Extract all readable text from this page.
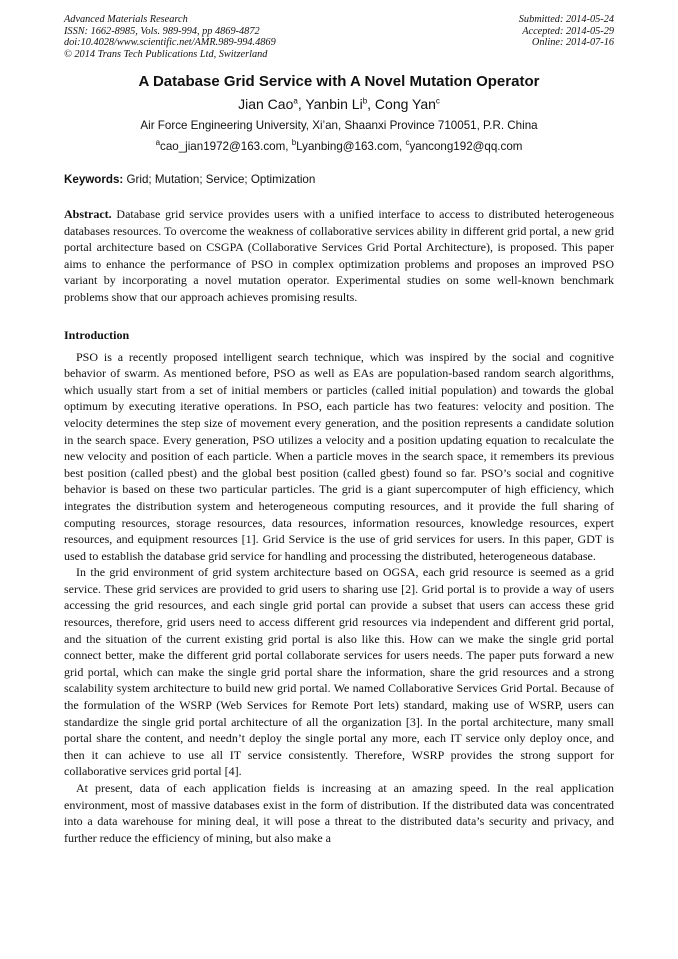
Advanced Materials Research
ISSN: 1662-8985, Vols. 989-994, pp 4869-4872
doi:10.4028/www.scientific.net/AMR.989-994.4869
© 2014 Trans Tech Publications Ltd, Switzerland
Submitted: 2014-05-24
Accepted: 2014-05-29
Online: 2014-07-16
A Database Grid Service with A Novel Mutation Operator
Jian Cao$^a$, Yanbin Li$^b$, Cong Yan$^c$
Air Force Engineering University, Xi’an, Shaanxi Province 710051, P.R. China
$^a$cao_jian1972@163.com, $^b$Lyanbing@163.com, $^c$yancong192@qq.com
Keywords: Grid; Mutation; Service; Optimization
Abstract. Database grid service provides users with a unified interface to access to distributed heterogeneous databases resources. To overcome the weakness of collaborative services ability in different grid portal, a new grid portal architecture based on CSGPA (Collaborative Services Grid Portal Architecture), is proposed. This paper aims to enhance the performance of PSO in complex optimization problems and proposes an improved PSO variant by incorporating a novel mutation operator. Experimental studies on some well-known benchmark problems show that our approach achieves promising results.
Introduction
PSO is a recently proposed intelligent search technique, which was inspired by the social and cognitive behavior of swarm. As mentioned before, PSO as well as EAs are population-based random search algorithms, which usually start from a set of initial members or particles (called initial population) and towards the global optimum by executing iterative operations. In PSO, each particle has two features: velocity and position. The velocity determines the step size of movement every generation, and the position represents a candidate solution in the search space. Every generation, PSO utilizes a velocity and a position updating equation to recalculate the new velocity and position of each particle. When a particle moves in the search space, it remembers its previous best position (called pbest) and the global best position (called gbest) found so far. PSO’s social and cognitive behavior is based on these two particular particles. The grid is a giant supercomputer of high efficiency, which integrates the distribution system and heterogeneous computing resources, and it provide the full sharing of computing resources, storage resources, data resources, information resources, knowledge resources, expert resources, and equipment resources [1]. Grid Service is the use of grid services for users. In this paper, GDT is used to establish the database grid service for handling and processing the distributed, heterogeneous database.
In the grid environment of grid system architecture based on OGSA, each grid resource is seemed as a grid service. These grid services are provided to grid users to sharing use [2]. Grid portal is to provide a way of users accessing the grid resources, and each single grid portal can provide a subset that users can access these grid resources, therefore, grid users need to access different grid resources via independent and different grid portal, and the situation of the current existing grid portal is also like this. How can we make the single grid portal connect better, make the different grid portal collaborate services for users needs. The paper puts forward a new grid portal, which can make the single grid portal share the information, share the grid resources and a strong scalability system architecture to build new grid portal. We named Collaborative Services Grid Portal. Because of the formulation of the WSRP (Web Services for Remote Port lets) standard, making use of WSRP, users can standardize the single grid portal architecture of all the organization [3]. In the portal architecture, many small portal share the content, and needn’t deploy the single portal any more, each IT service only deploy once, and then it can achieve to use all IT service consistently. Therefore, WSRP provides the strong support for collaborative services grid portal [4].
At present, data of each application fields is increasing at an amazing speed. In the real application environment, most of massive databases exist in the form of distribution. If the distributed data was concentrated into a data warehouse for mining deal, it will pose a threat to the distributed data’s security and privacy, and further reduce the efficiency of mining, but also make a
